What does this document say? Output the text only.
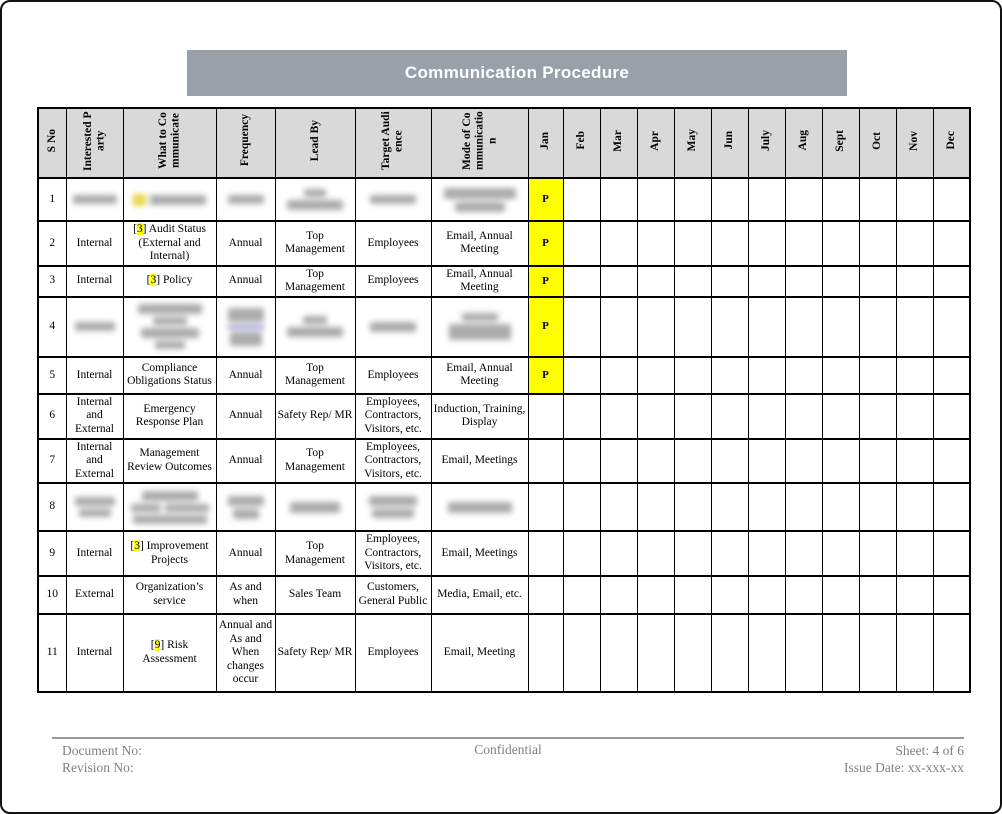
Communication Procedure
S No	Interested Party	What to Communicate	Frequency	Lead By	Target Audience	Mode of Communication	Jan	Feb	Mar	Apr	May	Jun	July	Aug	Sept	Oct	Nov	Dec
1							P											
2	Internal	[3] Audit Status (External and Internal)	Annual	Top Management	Employees	Email, Annual Meeting	P											
3	Internal	[3] Policy	Annual	Top Management	Employees	Email, Annual Meeting	P											
4							P											
5	Internal	Compliance Obligations Status	Annual	Top Management	Employees	Email, Annual Meeting	P											
6	Internal and External	Emergency Response Plan	Annual	Safety Rep/ MR	Employees, Contractors, Visitors, etc.	Induction, Training, Display												
7	Internal and External	Management Review Outcomes	Annual	Top Management	Employees, Contractors, Visitors, etc.	Email, Meetings												
8	

9	Internal	[3] Improvement Projects	Annual	Top Management	Employees, Contractors, Visitors, etc.	Email, Meetings												
10	External	Organization’s service	As and when	Sales Team	Customers, General Public	Media, Email, etc.												
11	Internal	[9] Risk Assessment	Annual and As and When changes occur	Safety Rep/ MR	Employees	Email, Meeting												
Document No:
Revision No:
Confidential	Sheet: 4 of 6
Issue Date: xx-xxx-xx
